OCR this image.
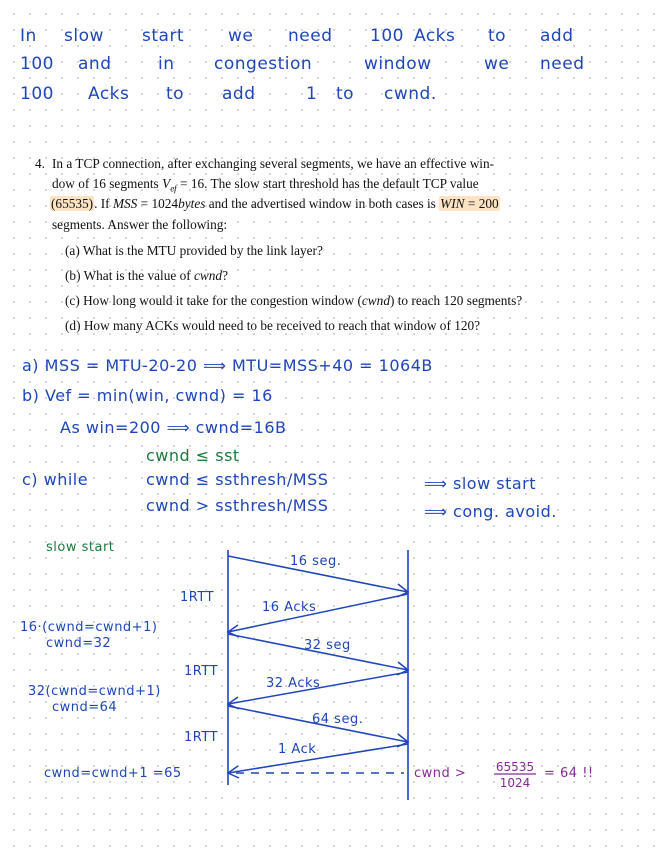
In slow start	we need 100 Acks to add
100 and	in congestion	window	we need
100 Acks to add	1 to cwnd.
4. In a TCP connection, after exchanging several segments, we have an effective win-
dow of 16 segments $V_{ef} = 16$. The slow start threshold has the default TCP value
(65535). If MSS = 1024bytes and the advertised window in both cases is WIN = 200
segments. Answer the following:
(a) What is the MTU provided by the link layer?
(b) What is the value of cwnd?
(c) How long would it take for the congestion window (cwnd) to reach 120 segments?
(d) How many ACKs would need to be received to reach that window of 120?
a) MSS = MTU-20-20 ⟹ MTU=MSS+40 = 1064B
b) Vef = min(win, cwnd) = 16
As win=200 ⟹ cwnd=16B
cwnd ≤ sst
c) while	cwnd ≤ ssthresh/MSS	⟹ slow start
cwnd > ssthresh/MSS	⟹ cong. avoid.
slow start
16 seg.
1RTT
16 Acks
16·(cwnd=cwnd+1)
cwnd=32	32 seg
1RTT
32 Acks
32(cwnd=cwnd+1)
cwnd=64
1RTT
64 seg.
1 Ack
cwnd=cwnd+1 =65	cwnd >	65535
1024
= 64 !!
